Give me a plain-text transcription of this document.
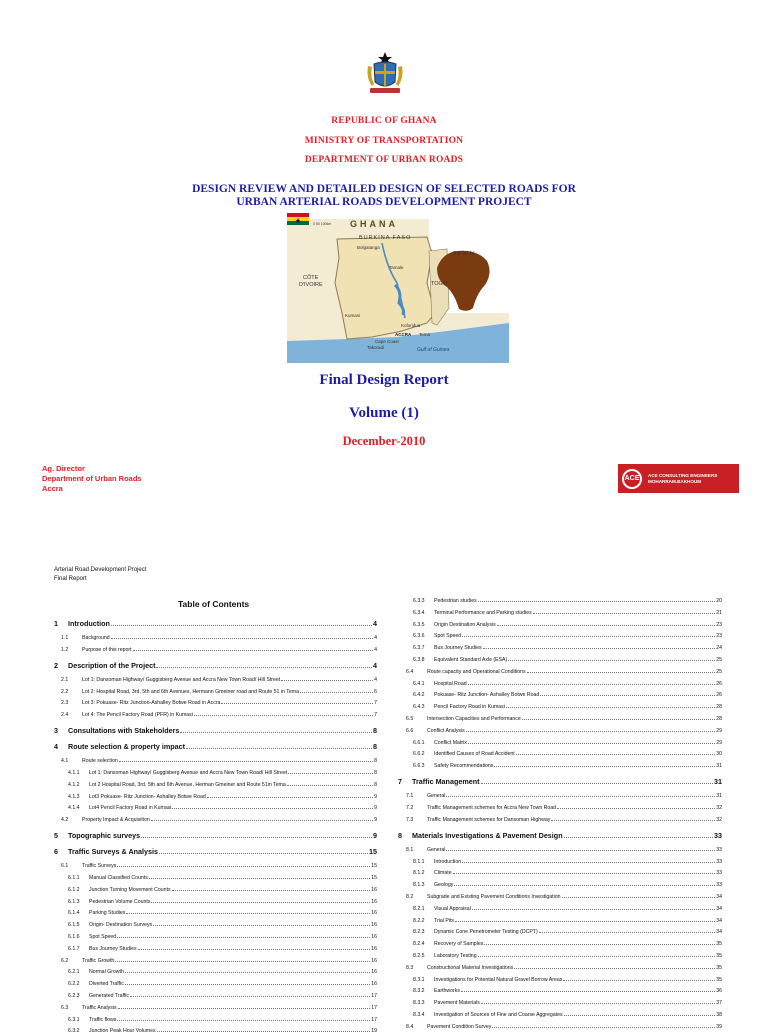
REPUBLIC OF GHANA
MINISTRY OF TRANSPORTATION
DEPARTMENT OF URBAN ROADS
DESIGN REVIEW AND DETAILED DESIGN OF SELECTED ROADS FOR
URBAN ARTERIAL ROADS DEVELOPMENT PROJECT
GHANA
BURKINA FASO
BENIN
TOGO
CÔTE
D'IVOIRE
Bolgatanga
Tamale
Kumasi
Koforidua
ACCRA Tema
Cape Coast
Takoradi	Gulf of Guinea
0 50 100km
Final Design Report
Volume (1)
December-2010
Ag. Director
Department of Urban Roads
Accra
ACE	ACE CONSULTING ENGINEERS
MOHARRAM.BAKHOUM
Arterial Road Development Project
Final Report
Table of Contents
1	Introduction	4
1.1	Background	4
1.2	Purpose of this report	4
2	Description of the Project	4
2.1	Lot 1: Dansoman Highway/ Guggisberg Avenue and Accra New Town Road/ Hill Street	4
2.2	Lot 2: Hospital Road, 3rd, 5th and 6th Avenues, Hermann Gmeiner road and Route 51 in Tema	6
2.3	Lot 3: Pokuase- Ritz Junction-Ashalley Botwe Road in Accra	7
2.4	Lot 4: The Pencil Factory Road (PFR) in Kumasi	7
3	Consultations with Stakeholders	8
4	Route selection & property impact	8
4.1	Route selection	8
4.1.1	Lot 1: Dansoman Highway/ Guggisberg Avenue and Accra New Town Road/ Hill Street	8
4.1.2	Lot 2 Hospital Road, 3rd, 5th and 6th Avenue, Herman Gmeiner and Route 51in Tema	8
4.1.3	Lot3 Pokuase- Ritz Junction- Ashalley Botwe Road	9
4.1.4	Lot4 Pencil Factory Road in Kumasi	9
4.2	Property Impact & Acquisition	9
5	Topographic surveys	9
6	Traffic Surveys & Analysis	15
6.1	Traffic Surveys	15
6.1.1	Manual Classified Counts	15
6.1.2	Junction Turning Movement Counts	16
6.1.3	Pedestrian Volume Counts	16
6.1.4	Parking Studies	16
6.1.5	Origin- Destination Surveys	16
6.1.6	Spot Speed	16
6.1.7	Bus Journey Studies	16
6.2	Traffic Growth	16
6.2.1	Normal Growth	16
6.2.2	Diverted Traffic	16
6.2.3	Generated Traffic	17
6.3	Traffic Analysis	17
6.3.1	Traffic flows	17
6.3.2	Junction Peak Hour Volumes	19
6.3.3	Pedestrian studies	20
6.3.4	Terminal Performance and Parking studies	21
6.3.5	Origin Destination Analysis	23
6.3.6	Spot Speed	23
6.3.7	Bus Journey Studies	24
6.3.8	Equivalent Standard Axle (ESA)	25
6.4	Route capacity and Operational Conditions	25
6.4.1	Hospital Road	26
6.4.2	Pokuase- Ritz Junction- Ashalley Botwe Road	26
6.4.3	Pencil Factory Road in Kumasi	28
6.5	Intersection Capacities and Performance	28
6.6	Conflict Analysis	29
6.6.1	Conflict Matrix	29
6.6.2	Identified Causes of Road Accident	30
6.6.3	Safety Recommendations	31
7	Traffic Management	31
7.1	General	31
7.2	Traffic Management schemes for Accra New Town Road	32
7.3	Traffic Management schemes for Dansoman Highway	32
8	Materials Investigations & Pavement Design	33
8.1	General	33
8.1.1	Introduction	33
8.1.2	Climate	33
8.1.3	Geology	33
8.2	Subgrade and Existing Pavement Conditions Investigation	34
8.2.1	Visual Appraisal	34
8.2.2	Trial Pits	34
8.2.3	Dynamic Cone Penetrometer Testing (DCPT)	34
8.2.4	Recovery of Samples	35
8.2.5	Laboratory Testing	35
8.3	Constructional Material Investigations	35
8.3.1	Investigations for Potential Natural Gravel Borrow Areas	35
8.3.2	Earthworks	36
8.3.3	Pavement Materials	37
8.3.4	Investigation of Sources of Fine and Coarse Aggregates	38
8.4	Pavement Condition Survey	39
